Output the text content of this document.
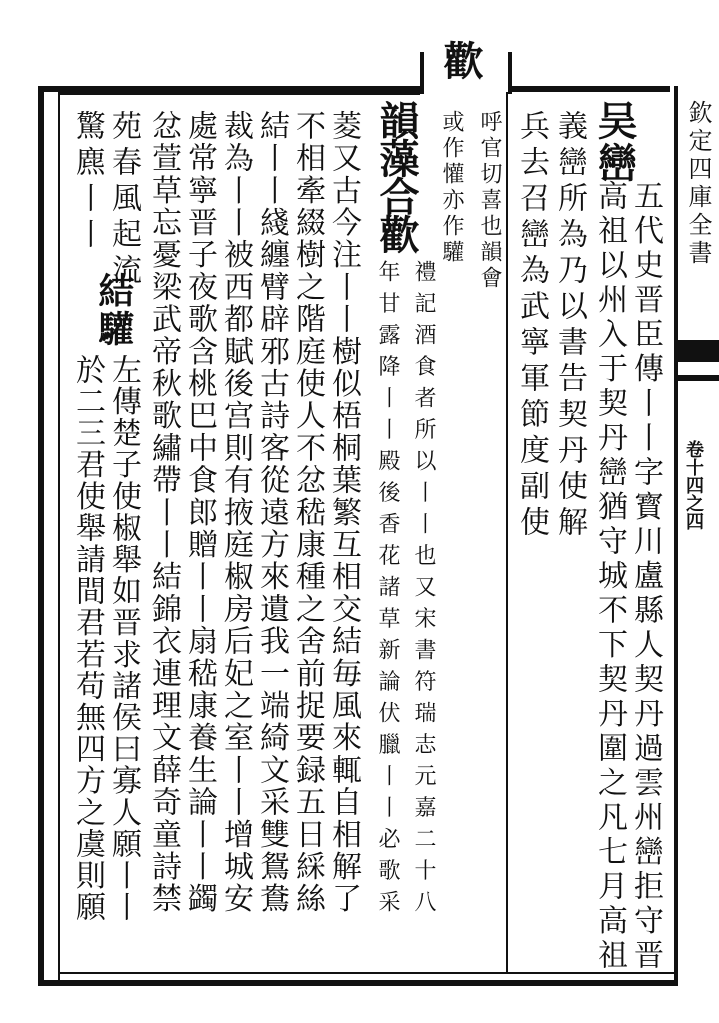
欽定四庫全書
卷十四之四
歡
呼官切喜也韻會
或作懽亦作驩	吴巒
五代史晋臣傳丨丨字寳川盧縣人契丹過雲州巒拒守晋
高祖以州入于契丹巒猶守城不下契丹圍之凡七月高祖
義巒所為乃以書告契丹使解
兵去召巒為武寧軍節度副使
韻藻合歡
禮記酒食者所以丨丨也又宋書符瑞志元嘉二十八
年甘露降丨丨殿後香花諸草新論伏臘丨丨必歌采
菱又古今注丨丨樹似梧桐葉繁互相交結毎風來輒自相解了
不相牽綴樹之階庭使人不忿嵇康種之舍前捉要録五日綵絲
結丨丨綫纏臂辟邪古詩客從遠方來遺我一端綺文采雙鴛鴦
裁為丨丨被西都賦後宫則有掖庭椒房后妃之室丨丨增城安
處常寧晋子夜歌含桃巴中食郎贈丨丨扇嵇康養生論丨丨蠲
忿萱草忘憂梁武帝秋歌繡帶丨丨結錦衣連理文薛奇童詩禁
苑春風起流
結驩
左傳楚子使椒舉如晋求諸侯曰寡人願丨丨
於二三君使舉請間君若苟無四方之虞則願
驚麃丨丨
